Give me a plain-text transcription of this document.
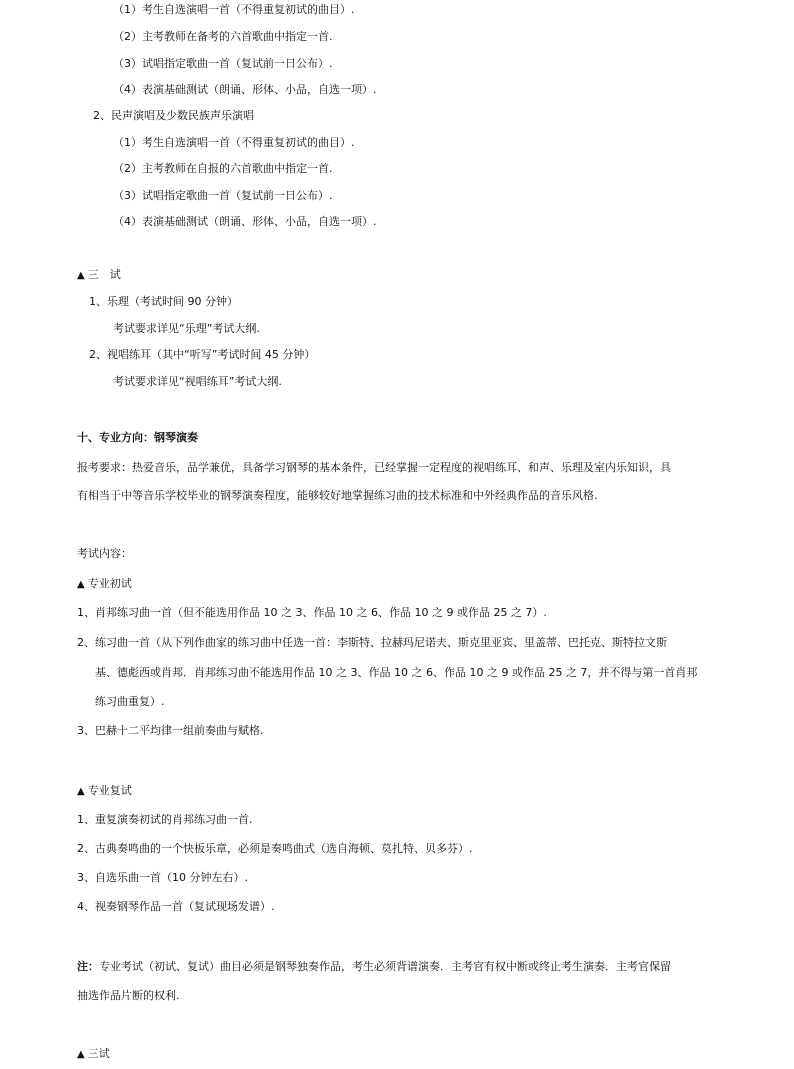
（1）考生自选演唱一首（不得重复初试的曲目）.
（2）主考教师在备考的六首歌曲中指定一首.
（3）试唱指定歌曲一首（复试前一日公布）.
（4）表演基础测试（朗诵、形体、小品，自选一项）.
2、民声演唱及少数民族声乐演唱
（1）考生自选演唱一首（不得重复初试的曲目）.
（2）主考教师在自报的六首歌曲中指定一首.
（3）试唱指定歌曲一首（复试前一日公布）.
（4）表演基础测试（朗诵、形体、小品，自选一项）.
▲ 三　试
1、乐理（考试时间 90 分钟）
考试要求详见“乐理”考试大纲.
2、视唱练耳（其中“听写”考试时间 45 分钟）
考试要求详见“视唱练耳”考试大纲.
十、专业方向：钢琴演奏
报考要求：热爱音乐，品学兼优，具备学习钢琴的基本条件，已经掌握一定程度的视唱练耳、和声、乐理及室内乐知识，具
有相当于中等音乐学校毕业的钢琴演奏程度，能够较好地掌握练习曲的技术标准和中外经典作品的音乐风格.
考试内容：
▲ 专业初试
1、肖邦练习曲一首（但不能选用作品 10 之 3、作品 10 之 6、作品 10 之 9 或作品 25 之 7）.
2、练习曲一首（从下列作曲家的练习曲中任选一首：李斯特、拉赫玛尼诺夫、斯克里亚宾、里盖蒂、巴托克、斯特拉文斯
基、德彪西或肖邦．肖邦练习曲不能选用作品 10 之 3、作品 10 之 6、作品 10 之 9 或作品 25 之 7，并不得与第一首肖邦
练习曲重复）.
3、巴赫十二平均律一组前奏曲与赋格.
▲ 专业复试
1、重复演奏初试的肖邦练习曲一首.
2、古典奏鸣曲的一个快板乐章，必须是奏鸣曲式（选自海顿、莫扎特、贝多芬）.
3、自选乐曲一首（10 分钟左右）.
4、视奏钢琴作品一首（复试现场发谱）.
注：专业考试（初试、复试）曲目必须是钢琴独奏作品，考生必须背谱演奏．主考官有权中断或终止考生演奏．主考官保留
抽选作品片断的权利.
▲ 三试
